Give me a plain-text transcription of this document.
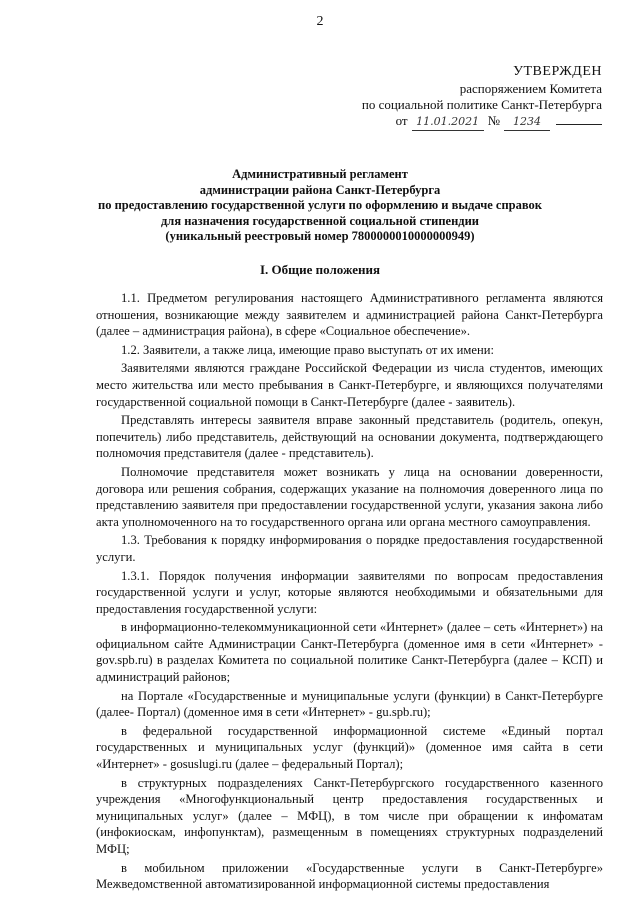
2
УТВЕРЖДЕН
распоряжением Комитета
по социальной политике Санкт-Петербурга
от 11.01.2021 №	1234
Административный регламент
администрации района Санкт-Петербурга
по предоставлению государственной услуги по оформлению и выдаче справок
для назначения государственной социальной стипендии
(уникальный реестровый номер 7800000010000000949)
I. Общие положения

1.1. Предметом регулирования настоящего Административного регламента являются отношения, возникающие между заявителем и администрацией района Санкт-Петербурга (далее – администрация района), в сфере «Социальное обеспечение».

1.2. Заявители, а также лица, имеющие право выступать от их имени:

Заявителями являются граждане Российской Федерации из числа студентов, имеющих место жительства или место пребывания в Санкт-Петербурге, и являющихся получателями государственной социальной помощи в Санкт-Петербурге (далее - заявитель).

Представлять интересы заявителя вправе законный представитель (родитель, опекун, попечитель) либо представитель, действующий на основании документа, подтверждающего полномочия представителя (далее - представитель).

Полномочие представителя может возникать у лица на основании доверенности, договора или решения собрания, содержащих указание на полномочия доверенного лица по представлению заявителя при предоставлении государственной услуги, указания закона либо акта уполномоченного на то государственного органа или органа местного самоуправления.

1.3. Требования к порядку информирования о порядке предоставления государственной услуги.

1.3.1. Порядок получения информации заявителями по вопросам предоставления государственной услуги и услуг, которые являются необходимыми и обязательными для предоставления государственной услуги:

в информационно-телекоммуникационной сети «Интернет» (далее – сеть «Интернет») на официальном сайте Администрации Санкт-Петербурга (доменное имя в сети «Интернет» - gov.spb.ru) в разделах Комитета по социальной политике Санкт-Петербурга (далее – КСП) и администраций районов;

на Портале «Государственные и муниципальные услуги (функции) в Санкт-Петербурге (далее- Портал) (доменное имя в сети «Интернет» - gu.spb.ru);

в федеральной государственной информационной системе «Единый портал государственных и муниципальных услуг (функций)» (доменное имя сайта в сети «Интернет» - gosuslugi.ru (далее – федеральный Портал);

в структурных подразделениях Санкт-Петербургского государственного казенного учреждения «Многофункциональный центр предоставления государственных и муниципальных услуг» (далее – МФЦ), в том числе при обращении к инфоматам (инфокиоскам, инфопунктам), размещенным в помещениях структурных подразделений МФЦ;

в мобильном приложении «Государственные услуги в Санкт-Петербурге» Межведомственной автоматизированной информационной системы предоставления
